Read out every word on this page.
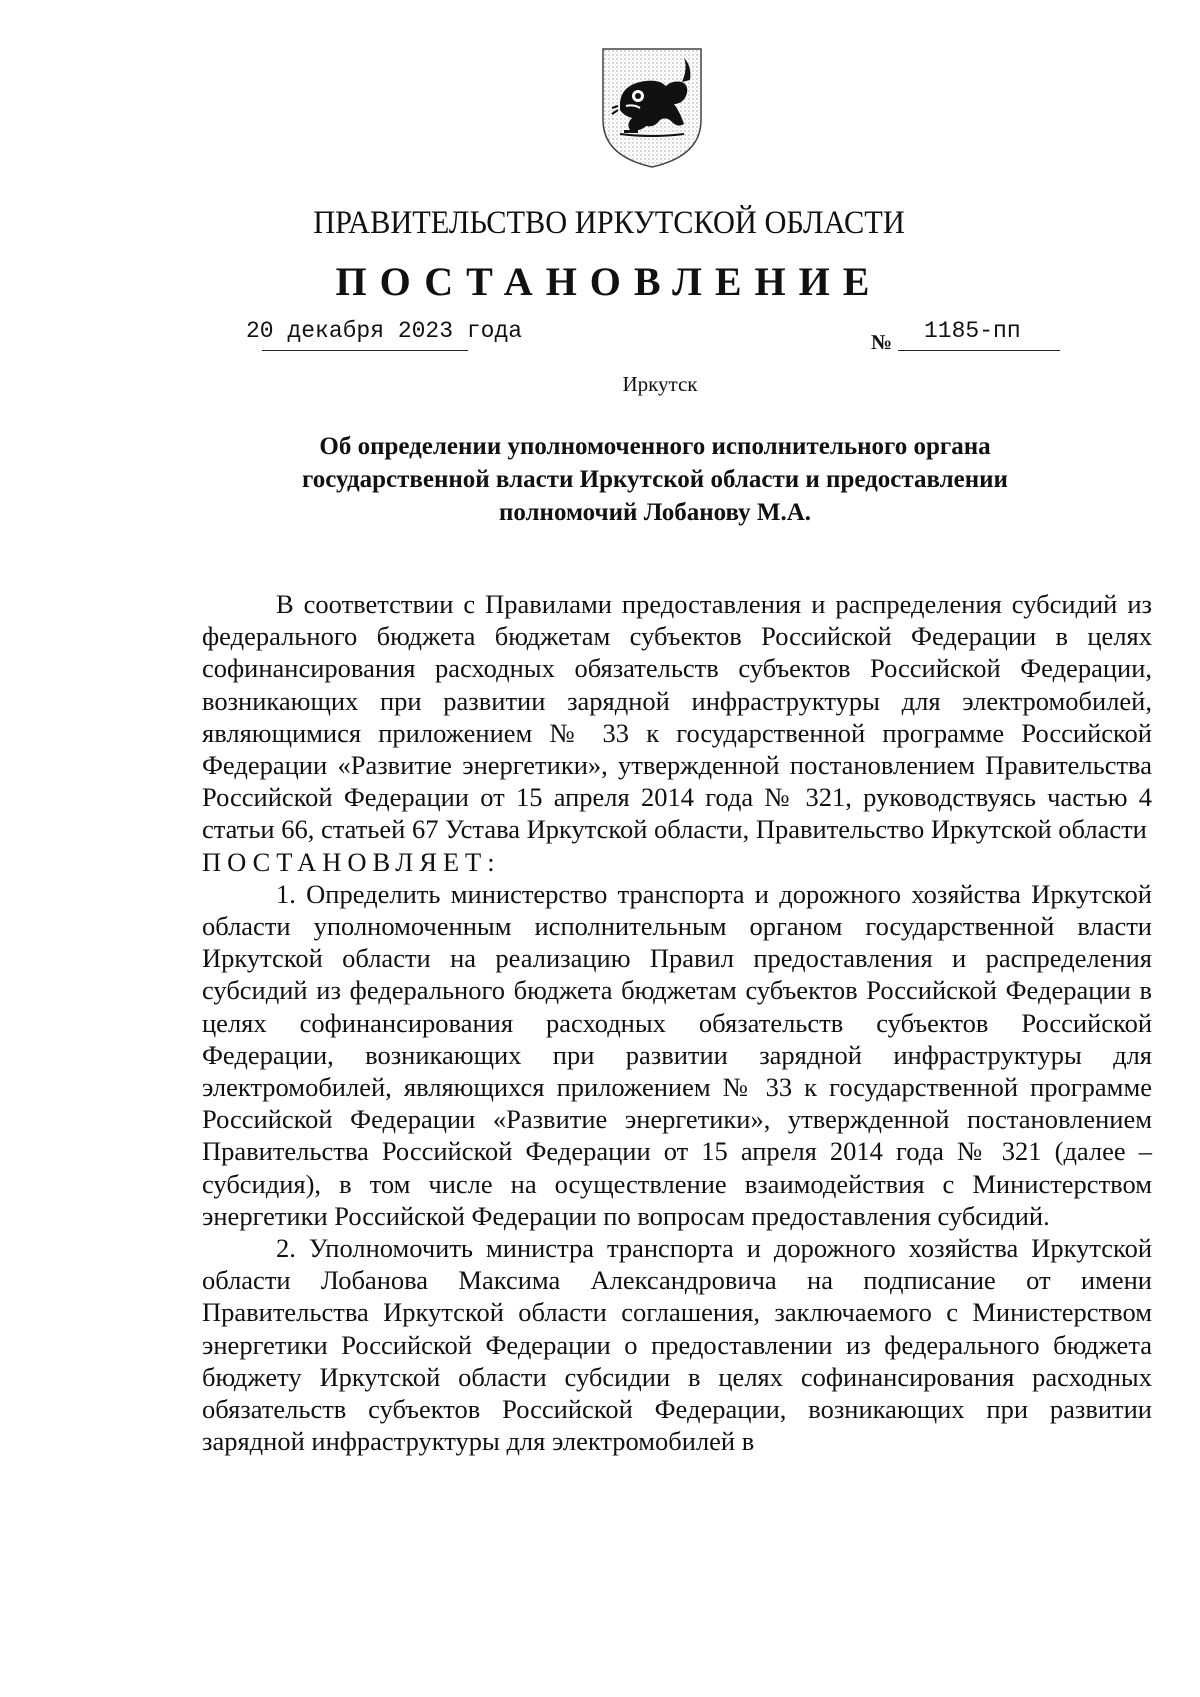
ПРАВИТЕЛЬСТВО ИРКУТСКОЙ ОБЛАСТИ
ПОСТАНОВЛЕНИЕ
20 декабря 2023 года	№ 1185-пп
Иркутск
Об определении уполномоченного исполнительного органа
государственной власти Иркутской области и предоставлении
полномочий Лобанову М.А.

В соответствии с Правилами предоставления и распределения субсидий из федерального бюджета бюджетам субъектов Российской Федерации в целях софинансирования расходных обязательств субъектов Российской Федерации, возникающих при развитии зарядной инфраструктуры для электромобилей, являющимися приложением № 33 к государственной программе Российской Федерации «Развитие энергетики», утвержденной постановлением Правительства Российской Федерации от 15 апреля 2014 года № 321, руководствуясь частью 4 статьи 66, статьей 67 Устава Иркутской области, Правительство Иркутской области

ПОСТАНОВЛЯЕТ:

1. Определить министерство транспорта и дорожного хозяйства Иркутской области уполномоченным исполнительным органом государственной власти Иркутской области на реализацию Правил предоставления и распределения субсидий из федерального бюджета бюджетам субъектов Российской Федерации в целях софинансирования расходных обязательств субъектов Российской Федерации, возникающих при развитии зарядной инфраструктуры для электромобилей, являющихся приложением № 33 к государственной программе Российской Федерации «Развитие энергетики», утвержденной постановлением Правительства Российской Федерации от 15 апреля 2014 года № 321 (далее – субсидия), в том числе на осуществление взаимодействия с Министерством энергетики Российской Федерации по вопросам предоставления субсидий.

2. Уполномочить министра транспорта и дорожного хозяйства Иркутской области Лобанова Максима Александровича на подписание от имени Правительства Иркутской области соглашения, заключаемого с Министерством энергетики Российской Федерации о предоставлении из федерального бюджета бюджету Иркутской области субсидии в целях софинансирования расходных обязательств субъектов Российской Федерации, возникающих при развитии зарядной инфраструктуры для электромобилей в
